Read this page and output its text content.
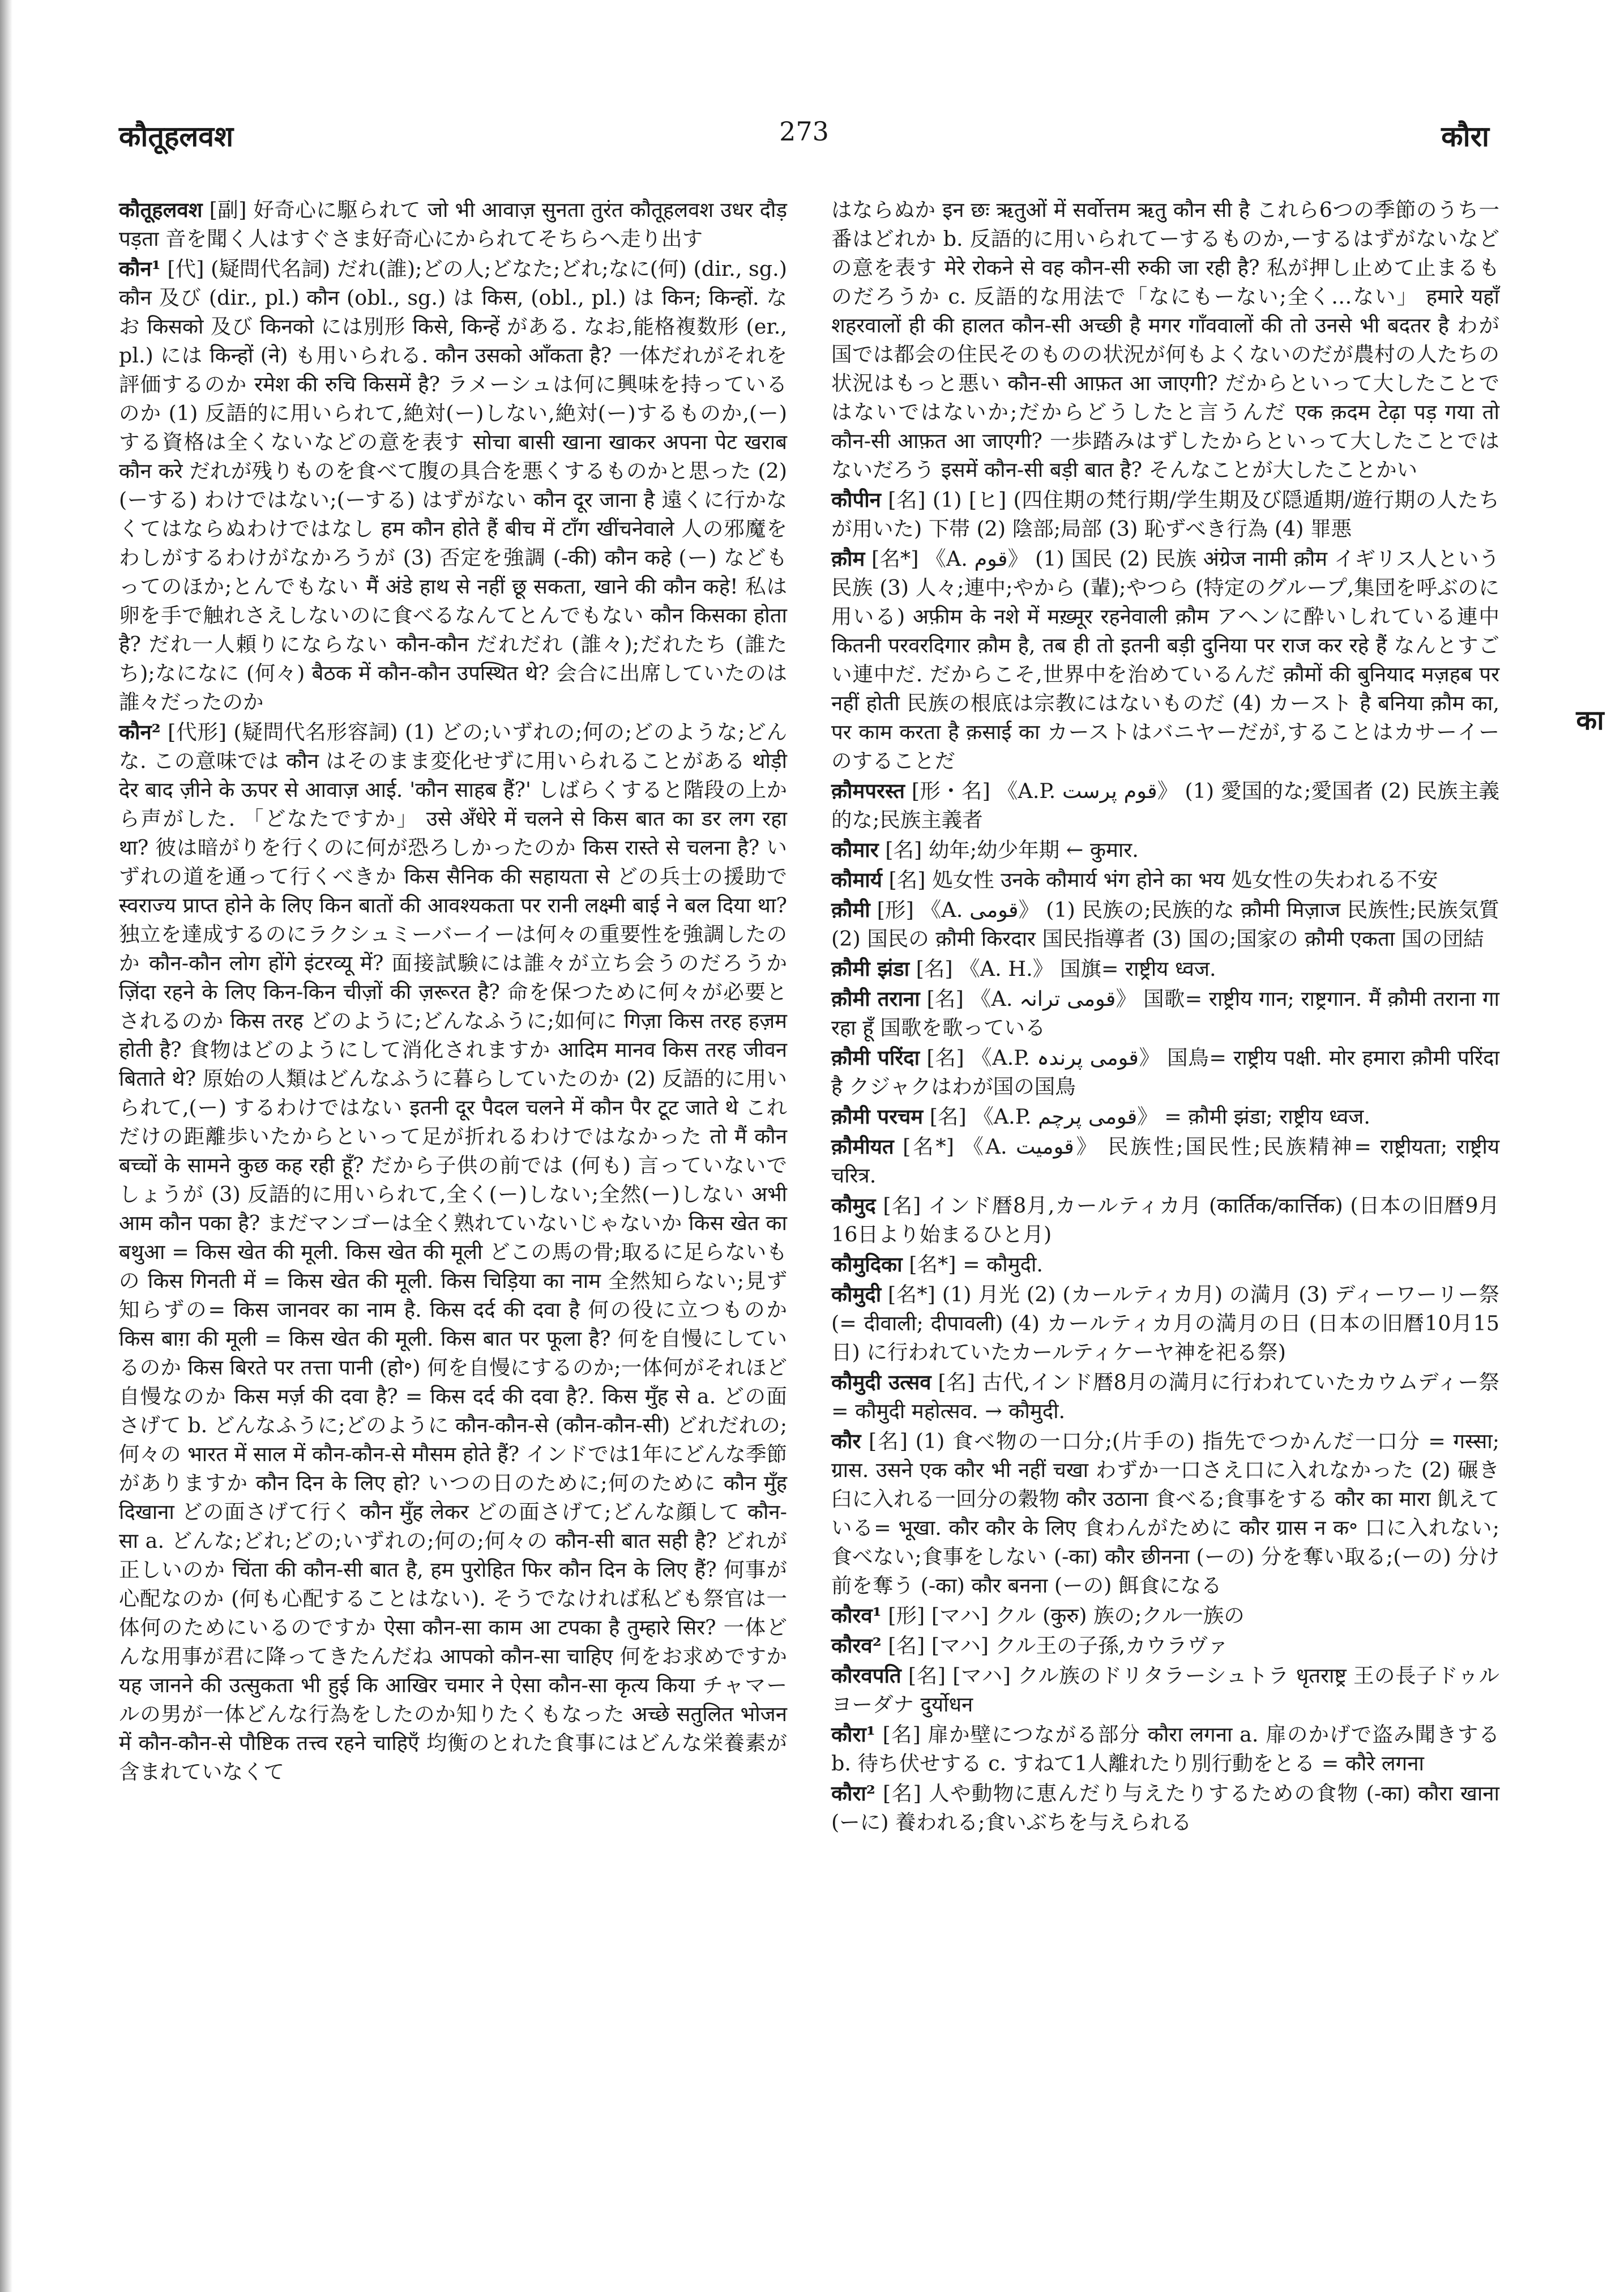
कौतूहलवश	273	कौरा
कौतूहलवश [副] 好奇心に駆られて जो भी आवाज़ सुनता तुरंत कौतूहलवश उधर दौड़ पड़ता 音を聞く人はすぐさま好奇心にかられてそちらへ走り出す
कौन¹ [代] (疑問代名詞) だれ(誰);どの人;どなた;どれ;なに(何) (dir., sg.) कौन 及び (dir., pl.) कौन (obl., sg.) は किस, (obl., pl.) は किन; किन्हों. なお किसको 及び किनको には別形 किसे, किन्हें がある. なお,能格複数形 (er., pl.) には किन्हों (ने) も用いられる. कौन उसको आँकता है? 一体だれがそれを評価するのか रमेश की रुचि किसमें है? ラメーシュは何に興味を持っているのか (1) 反語的に用いられて,絶対(ー)しない,絶対(ー)するものか,(ー)する資格は全くないなどの意を表す सोचा बासी खाना खाकर अपना पेट खराब कौन करे だれが残りものを食べて腹の具合を悪くするものかと思った (2) (ーする) わけではない;(ーする) はずがない कौन दूर जाना है 遠くに行かなくてはならぬわけではなし हम कौन होते हैं बीच में टाँग खींचनेवाले 人の邪魔をわしがするわけがなかろうが (3) 否定を強調 (-की) कौन कहे (ー) などもってのほか;とんでもない मैं अंडे हाथ से नहीं छू सकता, खाने की कौन कहे! 私は卵を手で触れさえしないのに食べるなんてとんでもない कौन किसका होता है? だれ一人頼りにならない कौन-कौन だれだれ (誰々);だれたち (誰たち);なになに (何々) बैठक में कौन-कौन उपस्थित थे? 会合に出席していたのは誰々だったのか
कौन² [代形] (疑問代名形容詞) (1) どの;いずれの;何の;どのような;どんな. この意味では कौन はそのまま変化せずに用いられることがある थोड़ी देर बाद ज़ीने के ऊपर से आवाज़ आई. 'कौन साहब हैं?' しばらくすると階段の上から声がした. 「どなたですか」 उसे अँधेरे में चलने से किस बात का डर लग रहा था? 彼は暗がりを行くのに何が恐ろしかったのか किस रास्ते से चलना है? いずれの道を通って行くべきか किस सैनिक की सहायता से どの兵士の援助で स्वराज्य प्राप्त होने के लिए किन बातों की आवश्यकता पर रानी लक्ष्मी बाई ने बल दिया था? 独立を達成するのにラクシュミーバーイーは何々の重要性を強調したのか कौन-कौन लोग होंगे इंटरव्यू में? 面接試験には誰々が立ち会うのだろうか ज़िंदा रहने के लिए किन-किन चीज़ों की ज़रूरत है? 命を保つために何々が必要とされるのか किस तरह どのように;どんなふうに;如何に गिज़ा किस तरह हज़म होती है? 食物はどのようにして消化されますか आदिम मानव किस तरह जीवन बिताते थे? 原始の人類はどんなふうに暮らしていたのか (2) 反語的に用いられて,(ー) するわけではない इतनी दूर पैदल चलने में कौन पैर टूट जाते थे これだけの距離歩いたからといって足が折れるわけではなかった तो मैं कौन बच्चों के सामने कुछ कह रही हूँ? だから子供の前では (何も) 言っていないでしょうが (3) 反語的に用いられて,全く(ー)しない;全然(ー)しない अभी आम कौन पका है? まだマンゴーは全く熟れていないじゃないか किस खेत का बथुआ = किस खेत की मूली. किस खेत की मूली どこの馬の骨;取るに足らないもの किस गिनती में = किस खेत की मूली. किस चिड़िया का नाम 全然知らない;見ず知らずの= किस जानवर का नाम है. किस दर्द की दवा है 何の役に立つものか किस बाग़ की मूली = किस खेत की मूली. किस बात पर फूला है? 何を自慢にしているのか किस बिरते पर तत्ता पानी (हो॰) 何を自慢にするのか;一体何がそれほど自慢なのか किस मर्ज़ की दवा है? = किस दर्द की दवा है?. किस मुँह से a. どの面さげて b. どんなふうに;どのように कौन-कौन-से (कौन-कौन-सी) どれだれの;何々の भारत में साल में कौन-कौन-से मौसम होते हैं? インドでは1年にどんな季節がありますか कौन दिन के लिए हो? いつの日のために;何のために कौन मुँह दिखाना どの面さげて行く कौन मुँह लेकर どの面さげて;どんな顔して कौन-सा a. どんな;どれ;どの;いずれの;何の;何々の कौन-सी बात सही है? どれが正しいのか चिंता की कौन-सी बात है, हम पुरोहित फिर कौन दिन के लिए हैं? 何事が心配なのか (何も心配することはない). そうでなければ私ども祭官は一体何のためにいるのですか ऐसा कौन-सा काम आ टपका है तुम्हारे सिर? 一体どんな用事が君に降ってきたんだね आपको कौन-सा चाहिए 何をお求めですか यह जानने की उत्सुकता भी हुई कि आखिर चमार ने ऐसा कौन-सा कृत्य किया チャマールの男が一体どんな行為をしたのか知りたくもなった अच्छे सतुलित भोजन में कौन-कौन-से पौष्टिक तत्त्व रहने चाहिएँ 均衡のとれた食事にはどんな栄養素が含まれていなくて
はならぬか इन छः ऋतुओं में सर्वोत्तम ऋतु कौन सी है これら6つの季節のうち一番はどれか b. 反語的に用いられてーするものか,ーするはずがないなどの意を表す मेरे रोकने से वह कौन-सी रुकी जा रही है? 私が押し止めて止まるものだろうか c. 反語的な用法で「なにもーない;全く…ない」 हमारे यहाँ शहरवालों ही की हालत कौन-सी अच्छी है मगर गाँववालों की तो उनसे भी बदतर है わが国では都会の住民そのものの状況が何もよくないのだが農村の人たちの状況はもっと悪い कौन-सी आफ़त आ जाएगी? だからといって大したことではないではないか;だからどうしたと言うんだ एक क़दम टेढ़ा पड़ गया तो कौन-सी आफ़त आ जाएगी? 一歩踏みはずしたからといって大したことではないだろう इसमें कौन-सी बड़ी बात है? そんなことが大したことかい
कौपीन [名] (1) [ヒ] (四住期の梵行期/学生期及び隠遁期/遊行期の人たちが用いた) 下帯 (2) 陰部;局部 (3) 恥ずべき行為 (4) 罪悪
क़ौम [名*] 《A. قوم》 (1) 国民 (2) 民族 अंग्रेज नामी क़ौम イギリス人という民族 (3) 人々;連中;やから (輩);やつら (特定のグループ,集団を呼ぶのに用いる) अफ़ीम के नशे में मख़्मूर रहनेवाली क़ौम アヘンに酔いしれている連中 कितनी परवरदिगार क़ौम है, तब ही तो इतनी बड़ी दुनिया पर राज कर रहे हैं なんとすごい連中だ. だからこそ,世界中を治めているんだ क़ौमों की बुनियाद मज़हब पर नहीं होती 民族の根底は宗教にはないものだ (4) カースト है बनिया क़ौम का, पर काम करता है क़साई का カーストはバニヤーだが,することはカサーイーのすることだ
क़ौमपरस्त [形・名] 《A.P. قوم پرست》 (1) 愛国的な;愛国者 (2) 民族主義的な;民族主義者
कौमार [名] 幼年;幼少年期 ← कुमार.
कौमार्य [名] 処女性 उनके कौमार्य भंग होने का भय 処女性の失われる不安
क़ौमी [形] 《A. قومی》 (1) 民族の;民族的な क़ौमी मिज़ाज 民族性;民族気質 (2) 国民の क़ौमी किरदार 国民指導者 (3) 国の;国家の क़ौमी एकता 国の団結
क़ौमी झंडा [名] 《A. H.》 国旗= राष्ट्रीय ध्वज.
क़ौमी तराना [名] 《A. قومی ترانہ》 国歌= राष्ट्रीय गान; राष्ट्रगान. मैं क़ौमी तराना गा रहा हूँ 国歌を歌っている
क़ौमी परिंदा [名] 《A.P. قومی پرندہ》 国鳥= राष्ट्रीय पक्षी. मोर हमारा क़ौमी परिंदा है クジャクはわが国の国鳥
क़ौमी परचम [名] 《A.P. قومی پرچم》 = क़ौमी झंडा; राष्ट्रीय ध्वज.
क़ौमीयत [名*] 《A. قومیت》 民族性;国民性;民族精神= राष्ट्रीयता; राष्ट्रीय चरित्र.
कौमुद [名] インド暦8月,カールティカ月 (कार्तिक/कार्त्तिक) (日本の旧暦9月16日より始まるひと月)
कौमुदिका [名*] = कौमुदी.
कौमुदी [名*] (1) 月光 (2) (カールティカ月) の満月 (3) ディーワーリー祭 (= दीवाली; दीपावली) (4) カールティカ月の満月の日 (日本の旧暦10月15日) に行われていたカールティケーヤ神を祀る祭)
कौमुदी उत्सव [名] 古代,インド暦8月の満月に行われていたカウムディー祭= कौमुदी महोत्सव. → कौमुदी.
कौर [名] (1) 食べ物の一口分;(片手の) 指先でつかんだ一口分 = गस्सा; ग्रास. उसने एक कौर भी नहीं चखा わずか一口さえ口に入れなかった (2) 碾き臼に入れる一回分の穀物 कौर उठाना 食べる;食事をする कौर का मारा 飢えている= भूखा. कौर कौर के लिए 食わんがために कौर ग्रास न क॰ 口に入れない;食べない;食事をしない (-का) कौर छीनना (ーの) 分を奪い取る;(ーの) 分け前を奪う (-का) कौर बनना (ーの) 餌食になる
कौरव¹ [形] [マハ] クル (कुरु) 族の;クル一族の
कौरव² [名] [マハ] クル王の子孫,カウラヴァ
कौरवपति [名] [マハ] クル族のドリタラーシュトラ धृतराष्ट्र 王の長子ドゥルヨーダナ दुर्योधन
कौरा¹ [名] 扉か壁につながる部分 कौरा लगना a. 扉のかげで盗み聞きする b. 待ち伏せする c. すねて1人離れたり別行動をとる = कौरे लगना
कौरा² [名] 人や動物に恵んだり与えたりするための食物 (-का) कौरा खाना (ーに) 養われる;食いぶちを与えられる
का
